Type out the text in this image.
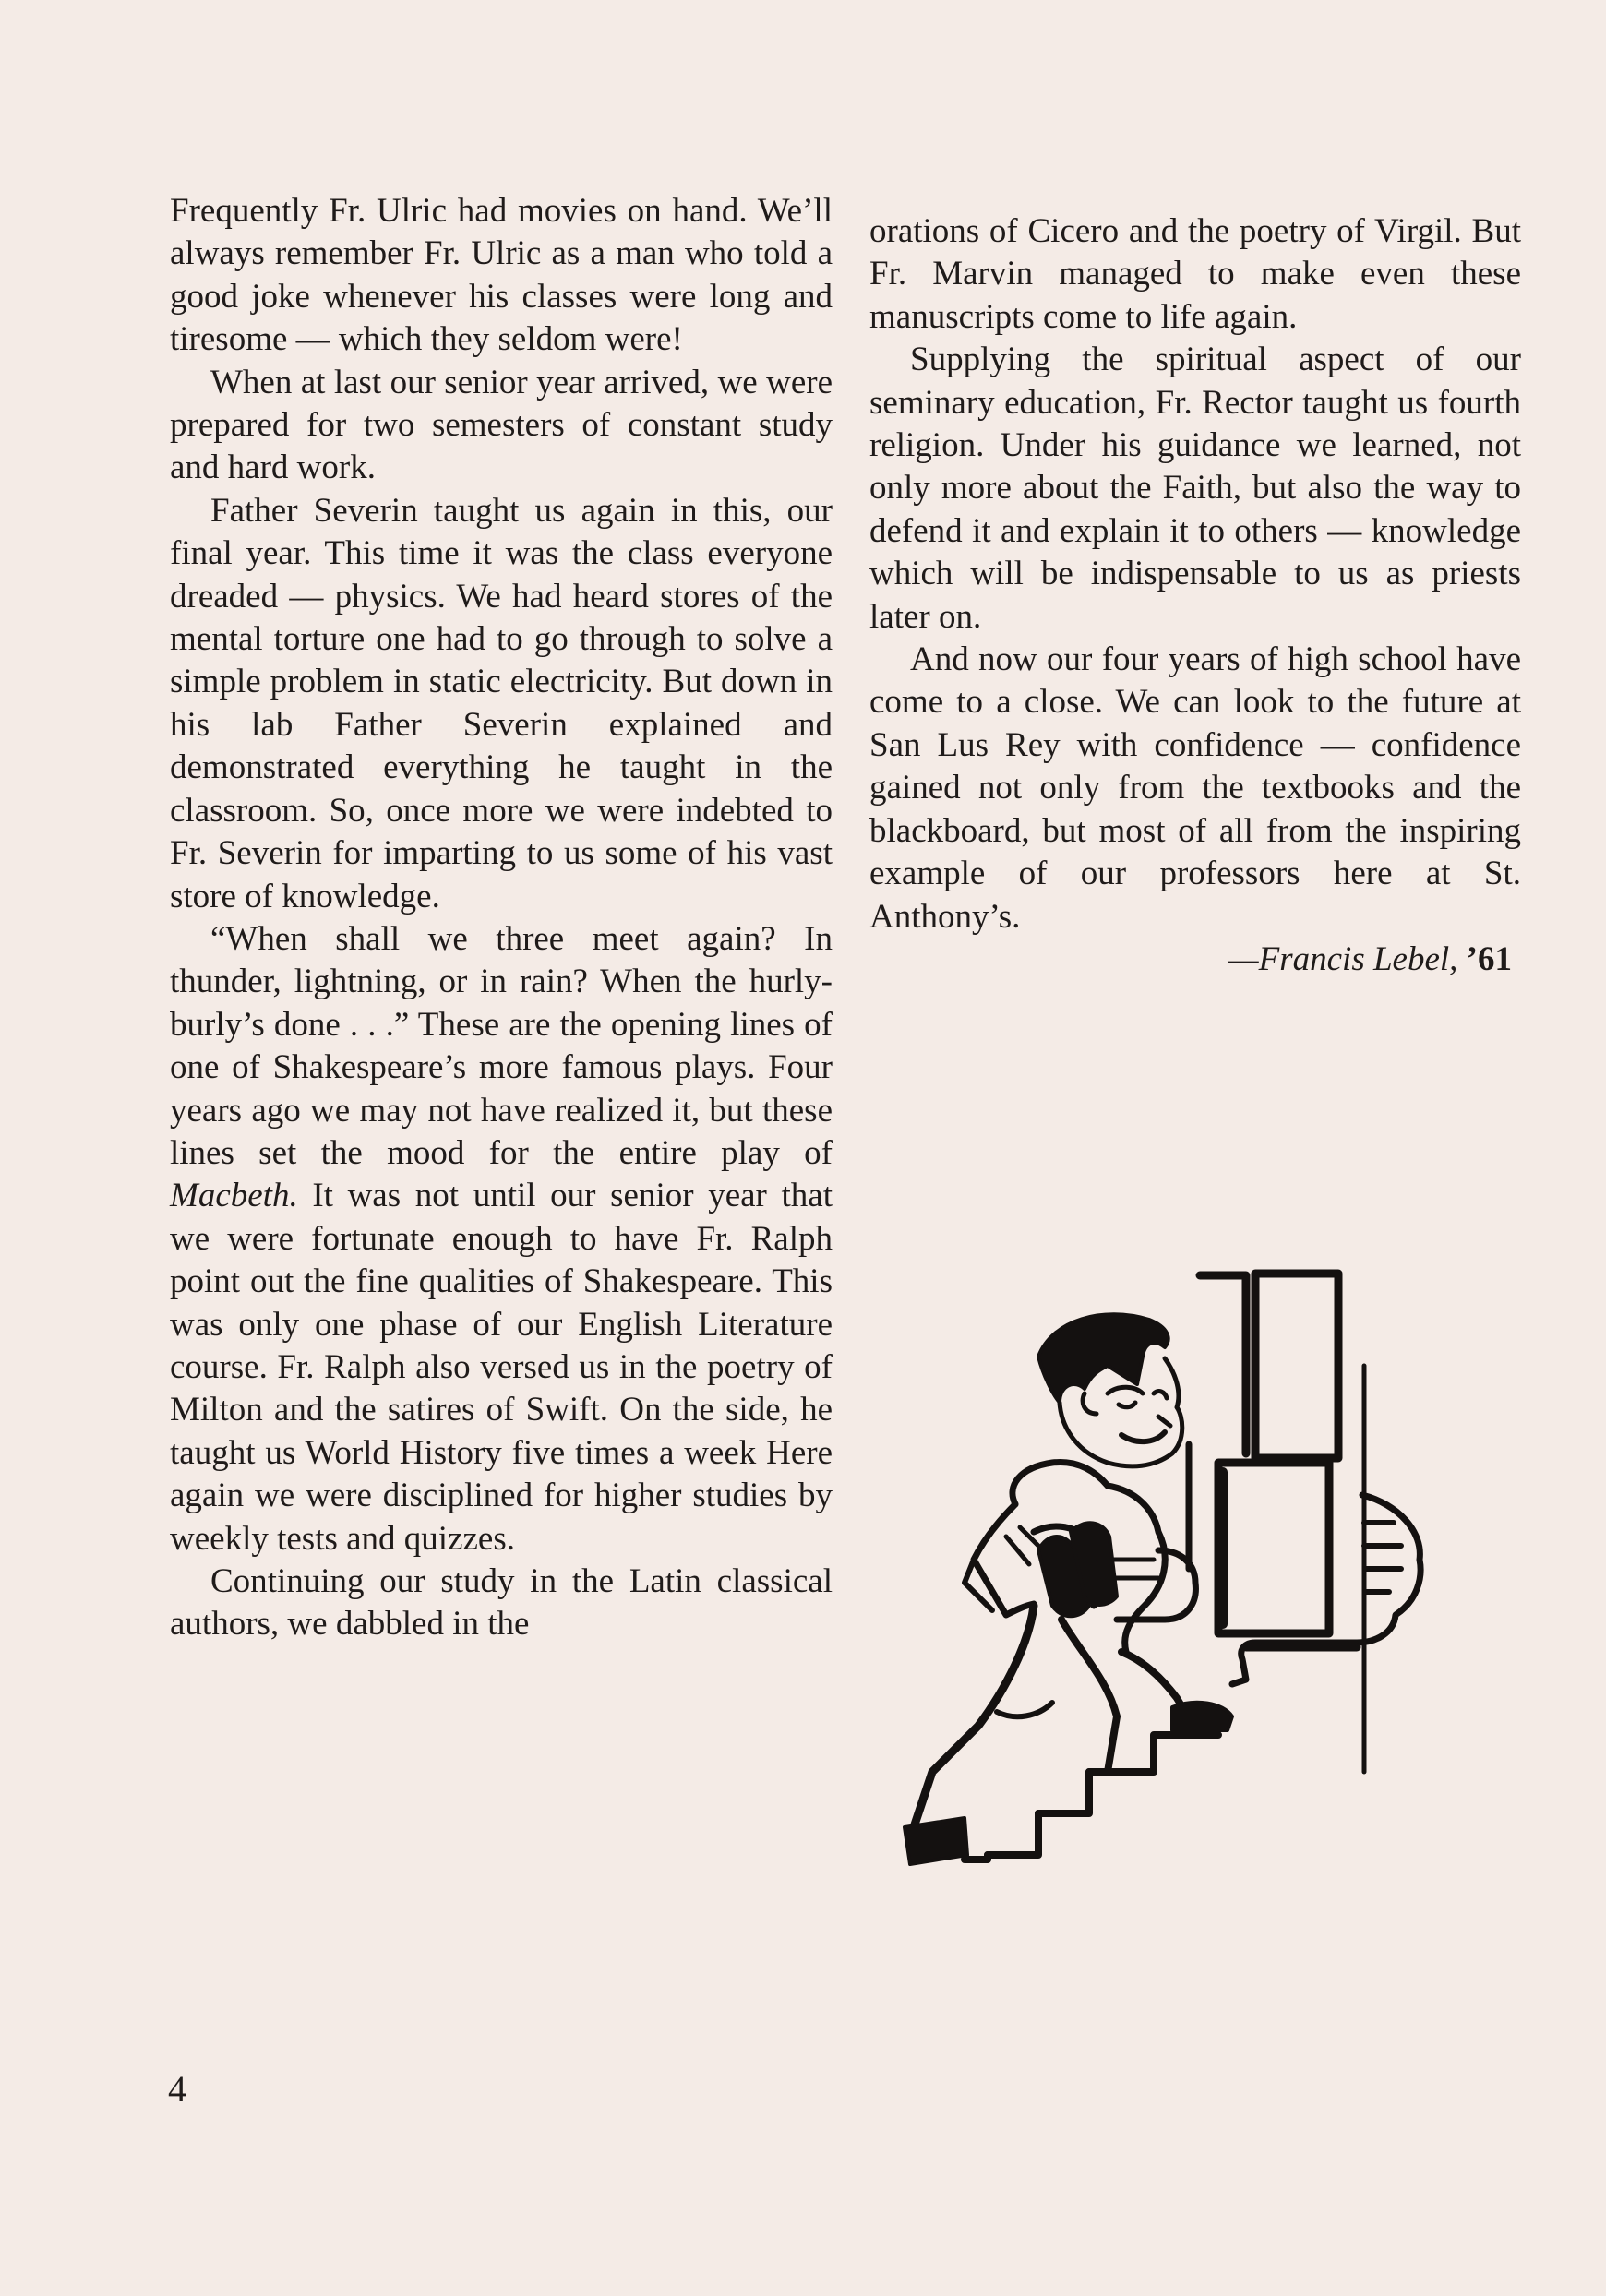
Frequently Fr. Ulric had movies on hand. We’ll always remember Fr. Ulric as a man who told a good joke whenever his classes were long and tiresome — which they seldom were!

When at last our senior year arrived, we were prepared for two semesters of constant study and hard work.

Father Severin taught us again in this, our final year. This time it was the class everyone dreaded — physics. We had heard stores of the mental torture one had to go through to solve a simple problem in static electricity. But down in his lab Father Severin explained and demonstrated everything he taught in the classroom. So, once more we were indebted to Fr. Severin for imparting to us some of his vast store of knowledge.

“When shall we three meet again? In thunder, lightning, or in rain? When the hurly-burly’s done . . .” These are the opening lines of one of Shakespeare’s more famous plays. Four years ago we may not have realized it, but these lines set the mood for the entire play of Macbeth. It was not until our senior year that we were fortunate enough to have Fr. Ralph point out the fine qualities of Shakespeare. This was only one phase of our English Literature course. Fr. Ralph also versed us in the poetry of Milton and the satires of Swift. On the side, he taught us World History five times a week Here again we were disciplined for higher studies by weekly tests and quizzes.

Continuing our study in the Latin classical authors, we dabbled in the

orations of Cicero and the poetry of Virgil. But Fr. Marvin managed to make even these manuscripts come to life again.

Supplying the spiritual aspect of our seminary education, Fr. Rector taught us fourth religion. Under his guidance we learned, not only more about the Faith, but also the way to defend it and explain it to others — knowledge which will be indispensable to us as priests later on.

And now our four years of high school have come to a close. We can look to the future at San Lus Rey with confidence — confidence gained not only from the textbooks and the blackboard, but most of all from the inspiring example of our professors here at St. Anthony’s.

—Francis Lebel, ’61

4
